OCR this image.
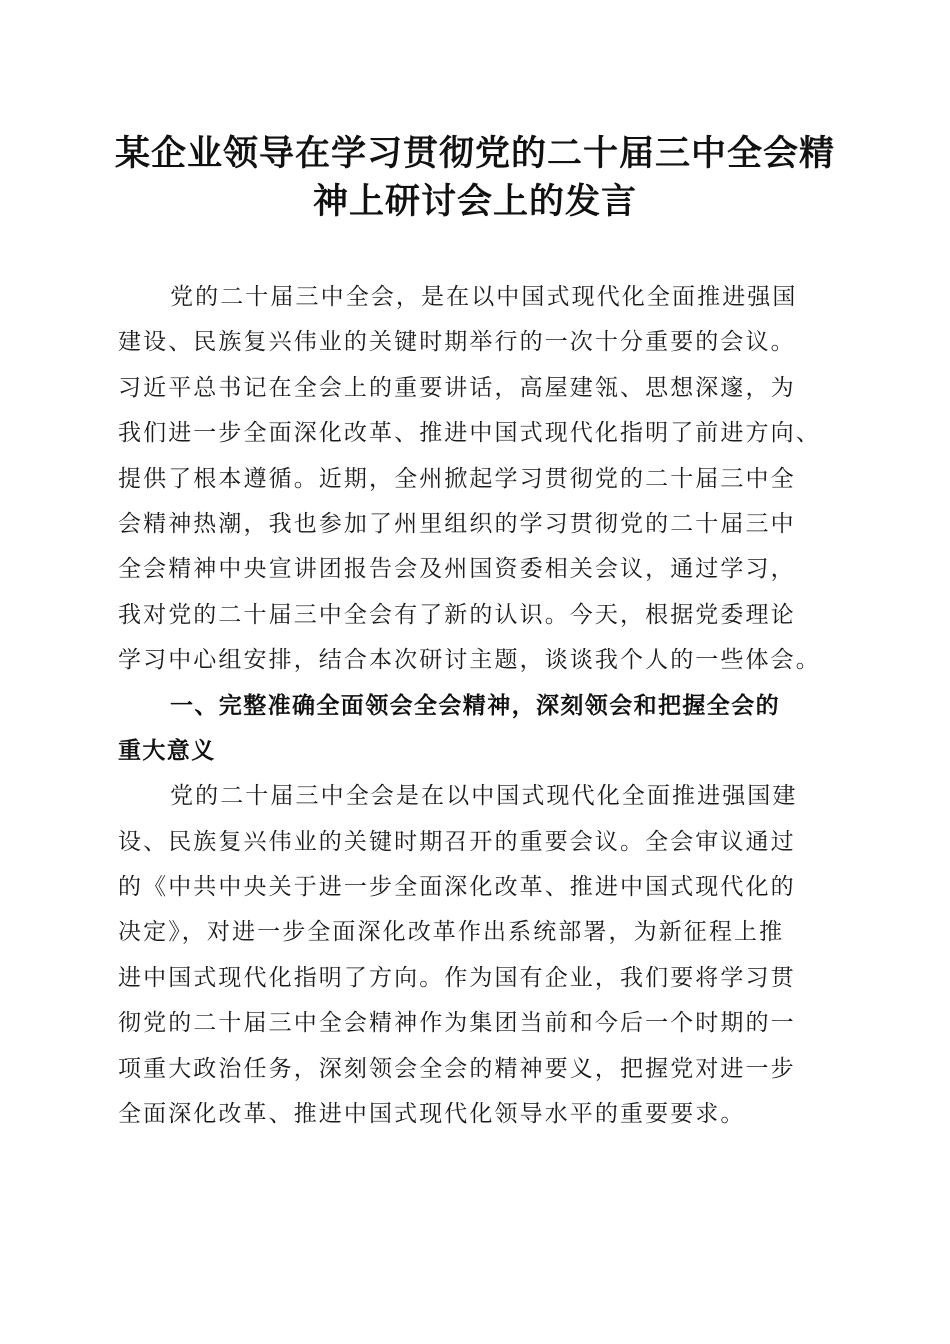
某企业领导在学习贯彻党的二十届三中全会精
神上研讨会上的发言
党的二十届三中全会，是在以中国式现代化全面推进强国
建设、民族复兴伟业的关键时期举行的一次十分重要的会议。
习近平总书记在全会上的重要讲话，高屋建瓴、思想深邃，为
我们进一步全面深化改革、推进中国式现代化指明了前进方向、
提供了根本遵循。近期，全州掀起学习贯彻党的二十届三中全
会精神热潮，我也参加了州里组织的学习贯彻党的二十届三中
全会精神中央宣讲团报告会及州国资委相关会议，通过学习，
我对党的二十届三中全会有了新的认识。今天，根据党委理论
学习中心组安排，结合本次研讨主题，谈谈我个人的一些体会。
一、完整准确全面领会全会精神，深刻领会和把握全会的
重大意义
党的二十届三中全会是在以中国式现代化全面推进强国建
设、民族复兴伟业的关键时期召开的重要会议。全会审议通过
的《中共中央关于进一步全面深化改革、推进中国式现代化的
决定》，对进一步全面深化改革作出系统部署，为新征程上推
进中国式现代化指明了方向。作为国有企业，我们要将学习贯
彻党的二十届三中全会精神作为集团当前和今后一个时期的一
项重大政治任务，深刻领会全会的精神要义，把握党对进一步
全面深化改革、推进中国式现代化领导水平的重要要求。
